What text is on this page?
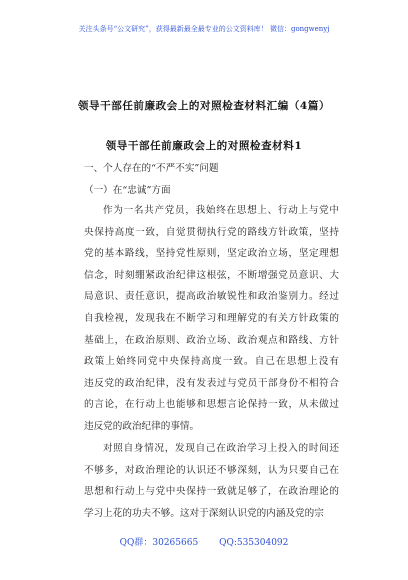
关注头条号“公文研究”，获得最新最全最专业的公文资料库！ 微信：gongwenyj
领导干部任前廉政会上的对照检查材料汇编（4篇）
领导干部任前廉政会上的对照检查材料1
一、个人存在的“不严不实”问题
（一）在“忠诚”方面
作为一名共产党员，我始终在思想上、行动上与党中
央保持高度一致，自觉贯彻执行党的路线方针政策，坚持
党的基本路线，坚持党性原则，坚定政治立场，坚定理想
信念，时刻绷紧政治纪律这根弦，不断增强党员意识、大
局意识、责任意识，提高政治敏锐性和政治鉴别力。经过
自我检视，发现我在不断学习和理解党的有关方针政策的
基础上，在政治原则、政治立场、政治观点和路线、方针
政策上始终同党中央保持高度一致。自己在思想上没有
违反党的政治纪律，没有发表过与党员干部身份不相符合
的言论，在行动上也能够和思想言论保持一致，从未做过
违反党的政治纪律的事情。
对照自身情况，发现自己在政治学习上投入的时间还
不够多，对政治理论的认识还不够深刻，认为只要自己在
思想和行动上与党中央保持一致就足够了，在政治理论的
学习上花的功夫不够。这对于深刻认识党的内涵及党的宗
QQ群：30265665 QQ:535304092
